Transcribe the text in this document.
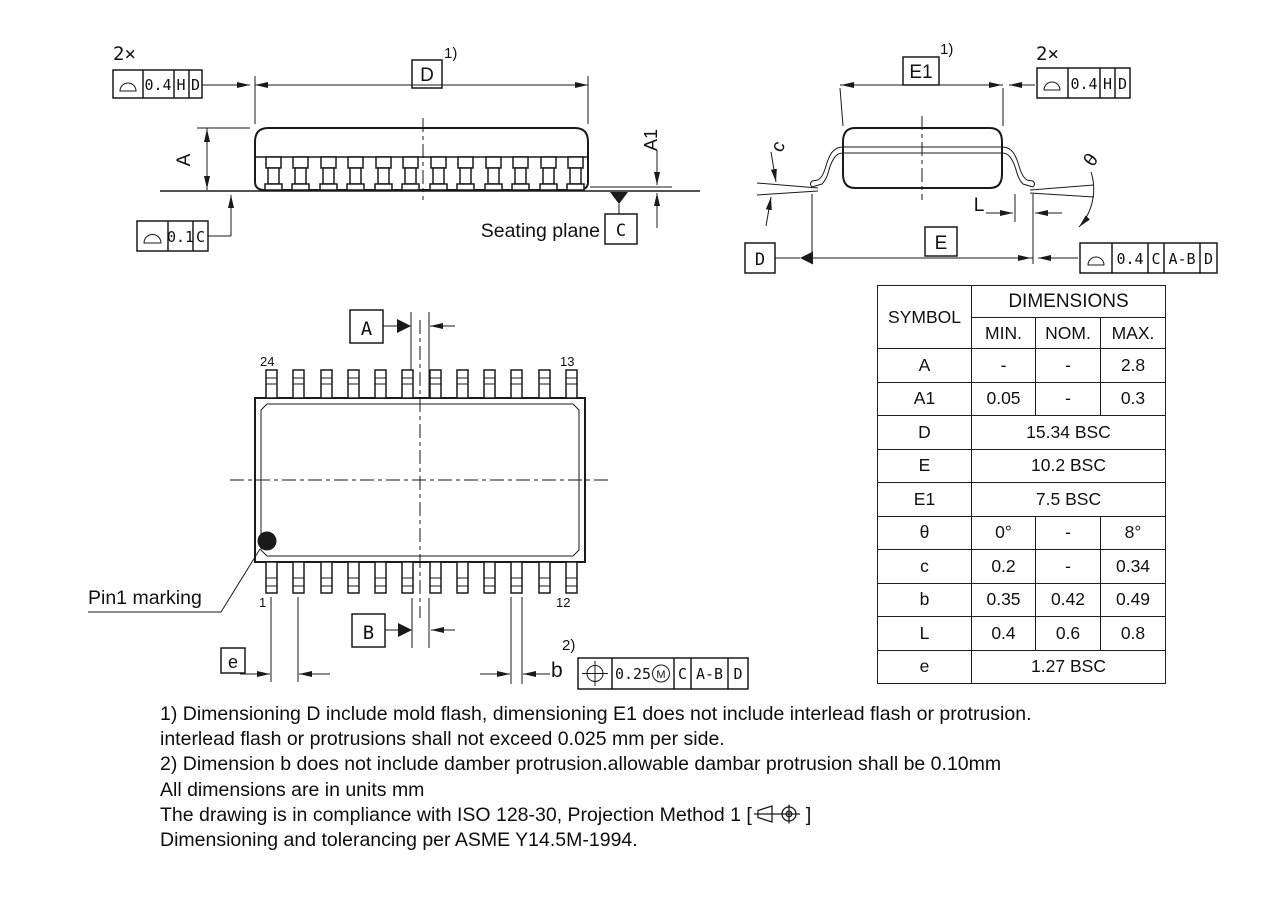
2×
0.4 H D	D
1)
A
A1
C
Seating plane
0.1 C
E1
1)	2×
0.4 H D
c
θ
L
D
E
0.4 C A-B D
A
24	13
1	12
Pin1 marking
B
e	b
2)
0.25 M C A-B D
SYMBOL	DIMENSIONS		
	MIN.	NOM.	MAX.
A	-	-	2.8
A1	0.05	-	0.3
D	15.34 BSC		
E	10.2 BSC		
E1	7.5 BSC		
θ	0°	-	8°
c	0.2	-	0.34
b	0.35	0.42	0.49
L	0.4	0.6	0.8
e	1.27 BSC		
1) Dimensioning D include mold flash, dimensioning E1 does not include interlead flash or protrusion.
interlead flash or protrusions shall not exceed 0.025 mm per side.
2) Dimension b does not include damber protrusion.allowable dambar protrusion shall be 0.10mm
All dimensions are in units mm
The drawing is in compliance with ISO 128-30, Projection Method 1 [	]
Dimensioning and tolerancing per ASME Y14.5M-1994.
